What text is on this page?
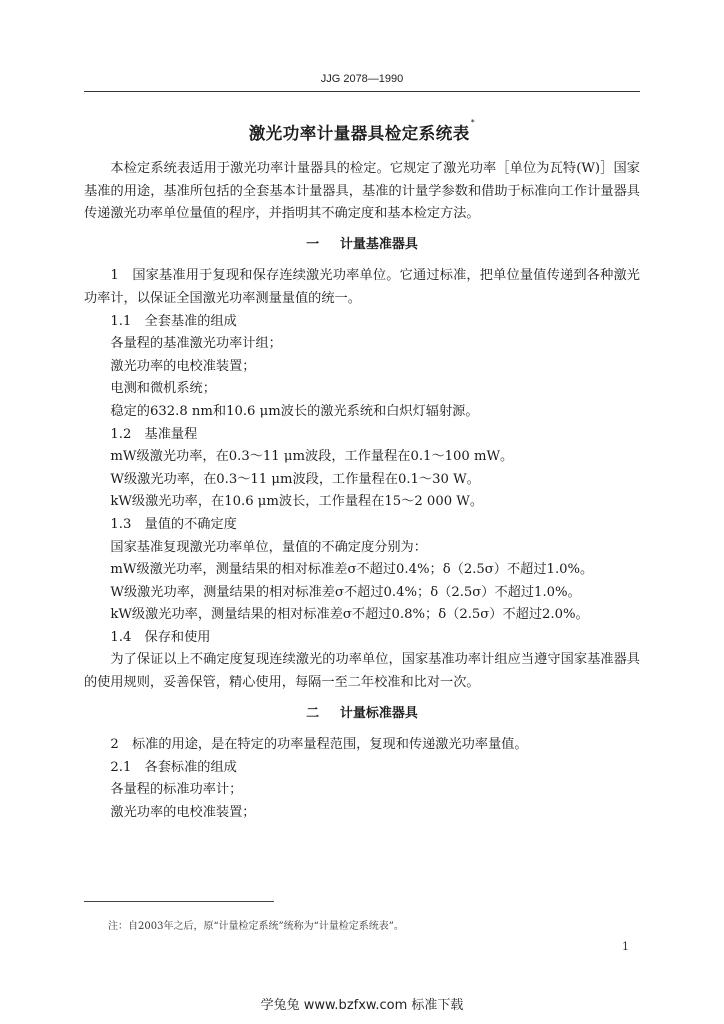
JJG 2078—1990
激光功率计量器具检定系统表*

本检定系统表适用于激光功率计量器具的检定。它规定了激光功率［单位为瓦特(W)］国家基准的用途，基准所包括的全套基本计量器具，基准的计量学参数和借助于标准向工作计量器具传递激光功率单位量值的程序，并指明其不确定度和基本检定方法。

一 计量基准器具

1　国家基准用于复现和保存连续激光功率单位。它通过标准，把单位量值传递到各种激光功率计，以保证全国激光功率测量量值的统一。

1.1　全套基准的组成

各量程的基准激光功率计组；

激光功率的电校准装置；

电测和微机系统；

稳定的632.8 nm和10.6 μm波长的激光系统和白炽灯辐射源。

1.2　基准量程

mW级激光功率，在0.3～11 μm波段，工作量程在0.1～100 mW。

W级激光功率，在0.3～11 μm波段，工作量程在0.1～30 W。

kW级激光功率，在10.6 μm波长，工作量程在15～2 000 W。

1.3　量值的不确定度

国家基准复现激光功率单位，量值的不确定度分别为：

mW级激光功率，测量结果的相对标准差σ不超过0.4%；δ（2.5σ）不超过1.0%。

W级激光功率，测量结果的相对标准差σ不超过0.4%；δ（2.5σ）不超过1.0%。

kW级激光功率，测量结果的相对标准差σ不超过0.8%；δ（2.5σ）不超过2.0%。

1.4　保存和使用

为了保证以上不确定度复现连续激光的功率单位，国家基准功率计组应当遵守国家基准器具的使用规则，妥善保管，精心使用，每隔一至二年校准和比对一次。

二 计量标准器具

2　标准的用途，是在特定的功率量程范围，复现和传递激光功率量值。

2.1　各套标准的组成

各量程的标准功率计；

激光功率的电校准装置；

注：自2003年之后，原“计量检定系统”统称为“计量检定系统表”。
1
学兔兔 www.bzfxw.com 标准下载
